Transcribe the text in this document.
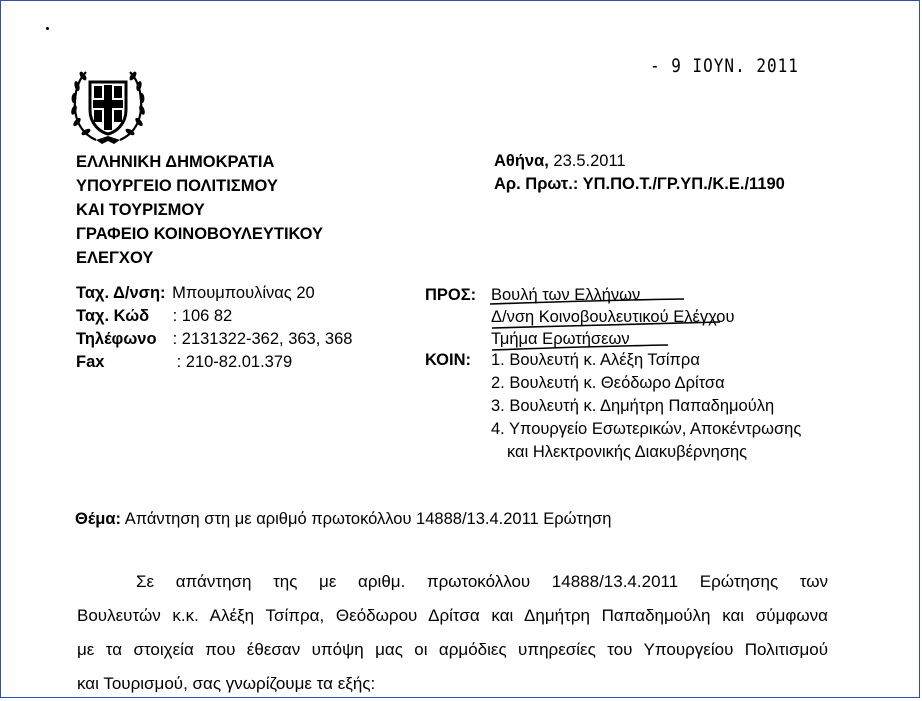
- 9 ΙΟΥΝ. 2011
ΕΛΛΗΝΙΚΗ ΔΗΜΟΚΡΑΤΙΑ
ΥΠΟΥΡΓΕΙΟ ΠΟΛΙΤΙΣΜΟΥ
ΚΑΙ ΤΟΥΡΙΣΜΟΥ
ΓΡΑΦΕΙΟ ΚΟΙΝΟΒΟΥΛΕΥΤΙΚΟΥ
ΕΛΕΓΧΟΥ
Αθήνα, 23.5.2011
Αρ. Πρωτ.: ΥΠ.ΠΟ.Τ./ΓΡ.ΥΠ./Κ.Ε./1190
Ταχ. Δ/νση: Μπουμπουλίνας 20
Ταχ. Κώδ : 106 82
Τηλέφωνο : 2131322-362, 363, 368
Fax	: 210-82.01.379
ΠΡΟΣ: Βουλή των Ελλήνων
Δ/νση Κοινοβουλευτικού Ελέγχου
Τμήμα Ερωτήσεων
ΚΟΙΝ: 1. Βουλευτή κ. Αλέξη Τσίπρα
2. Βουλευτή κ. Θεόδωρο Δρίτσα
3. Βουλευτή κ. Δημήτρη Παπαδημούλη
4. Υπουργείο Εσωτερικών, Αποκέντρωσης
και Ηλεκτρονικής Διακυβέρνησης
Θέμα: Απάντηση στη με αριθμό πρωτοκόλλου 14888/13.4.2011 Ερώτηση
Σε απάντηση της με αριθμ. πρωτοκόλλου 14888/13.4.2011 Ερώτησης των
Βουλευτών κ.κ. Αλέξη Τσίπρα, Θεόδωρου Δρίτσα και Δημήτρη Παπαδημούλη και σύμφωνα
με τα στοιχεία που έθεσαν υπόψη μας οι αρμόδιες υπηρεσίες του Υπουργείου Πολιτισμού
και Τουρισμού, σας γνωρίζουμε τα εξής:
